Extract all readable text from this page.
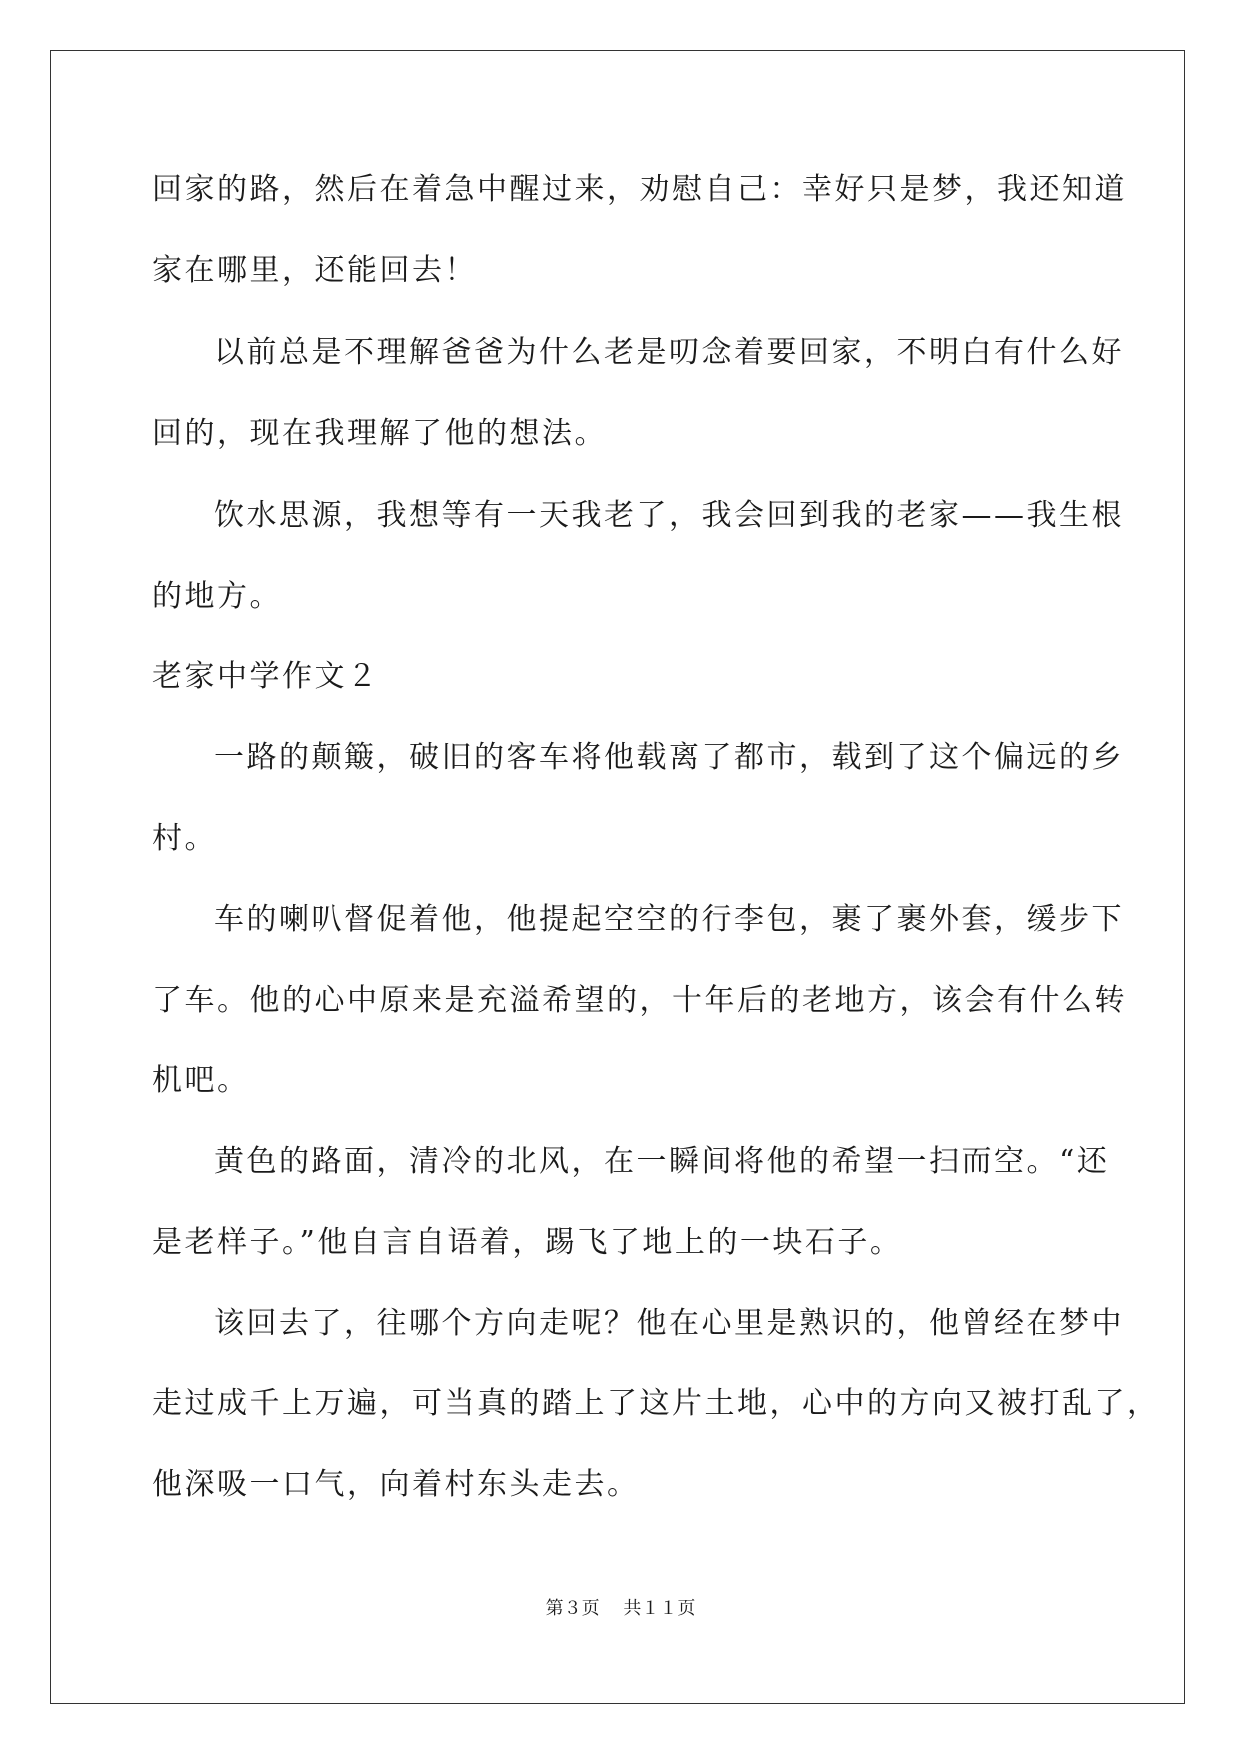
回家的路，然后在着急中醒过来，劝慰自己：幸好只是梦，我还知道
家在哪里，还能回去！
以前总是不理解爸爸为什么老是叨念着要回家，不明白有什么好
回的，现在我理解了他的想法。
饮水思源，我想等有一天我老了，我会回到我的老家——我生根
的地方。
老家中学作文２
一路的颠簸，破旧的客车将他载离了都市，载到了这个偏远的乡
村。
车的喇叭督促着他，他提起空空的行李包，裹了裹外套，缓步下
了车。他的心中原来是充溢希望的，十年后的老地方，该会有什么转
机吧。
黄色的路面，清冷的北风，在一瞬间将他的希望一扫而空。“还
是老样子。”他自言自语着，踢飞了地上的一块石子。
该回去了，往哪个方向走呢？他在心里是熟识的，他曾经在梦中
走过成千上万遍，可当真的踏上了这片土地，心中的方向又被打乱了，
他深吸一口气，向着村东头走去。
第３页　 共１１页
